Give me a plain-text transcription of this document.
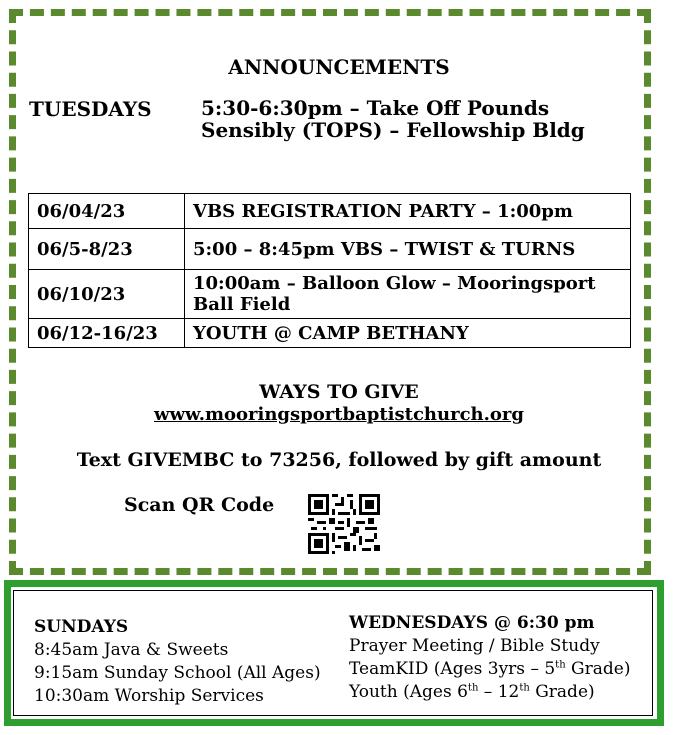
ANNOUNCEMENTS
TUESDAYS 5:30-6:30pm – Take Off Pounds Sensibly (TOPS) – Fellowship Bldg
06/04/23	VBS REGISTRATION PARTY – 1:00pm
06/5-8/23	5:00 – 8:45pm VBS – TWIST & TURNS
06/10/23	10:00am – Balloon Glow – Mooringsport Ball Field
06/12-16/23	YOUTH @ CAMP BETHANY
WAYS TO GIVE
www.mooringsportbaptistchurch.org
Text GIVEMBC to 73256, followed by gift amount
Scan QR Code
SUNDAYS
8:45am Java & Sweets
9:15am Sunday School (All Ages)
10:30am Worship Services
WEDNESDAYS @ 6:30 pm
Prayer Meeting / Bible Study
TeamKID (Ages 3yrs – 5th Grade)
Youth (Ages 6th – 12th Grade)
